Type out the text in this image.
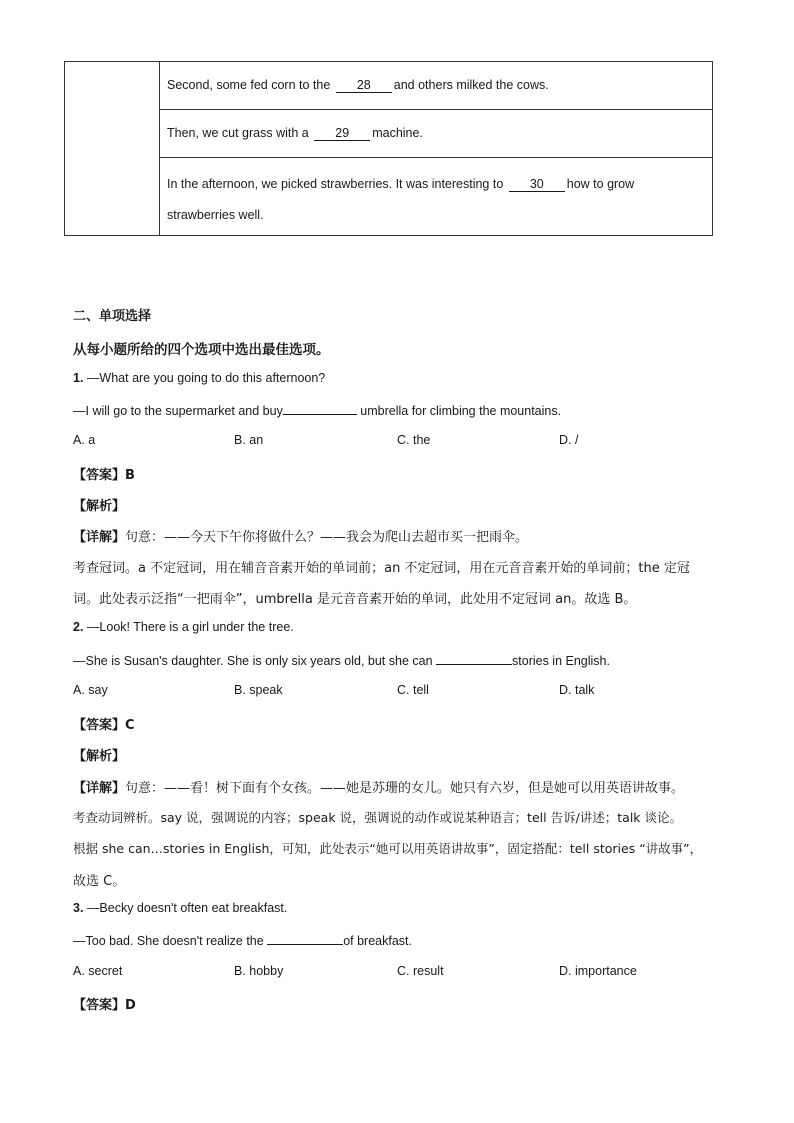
Second, some fed corn to the 28 and others milked the cows.
Then, we cut grass with a 29 machine.
In the afternoon, we picked strawberries. It was interesting to 30 how to grow
strawberries well.
二、单项选择
从每小题所给的四个选项中选出最佳选项。
1. —What are you going to do this afternoon?
—I will go to the supermarket and buy	umbrella for climbing the mountains.
A. a	B. an	C. the	D. /
【答案】B
【解析】
【详解】句意：——今天下午你将做什么？——我会为爬山去超市买一把雨伞。
考查冠词。a 不定冠词，用在辅音音素开始的单词前；an 不定冠词，用在元音音素开始的单词前；the 定冠
词。此处表示泛指“一把雨伞”，umbrella 是元音音素开始的单词，此处用不定冠词 an。故选 B。
2. —Look! There is a girl under the tree.
—She is Susan's daughter. She is only six years old, but she can	stories in English.
A. say	B. speak	C. tell	D. talk
【答案】C
【解析】
【详解】句意：——看！树下面有个女孩。——她是苏珊的女儿。她只有六岁，但是她可以用英语讲故事。
考查动词辨析。say 说，强调说的内容；speak 说，强调说的动作或说某种语言；tell 告诉/讲述；talk 谈论。
根据 she can…stories in English，可知，此处表示“她可以用英语讲故事”，固定搭配：tell stories “讲故事”，
故选 C。
3. —Becky doesn't often eat breakfast.
—Too bad. She doesn't realize the	of breakfast.
A. secret	B. hobby	C. result	D. importance
【答案】D
